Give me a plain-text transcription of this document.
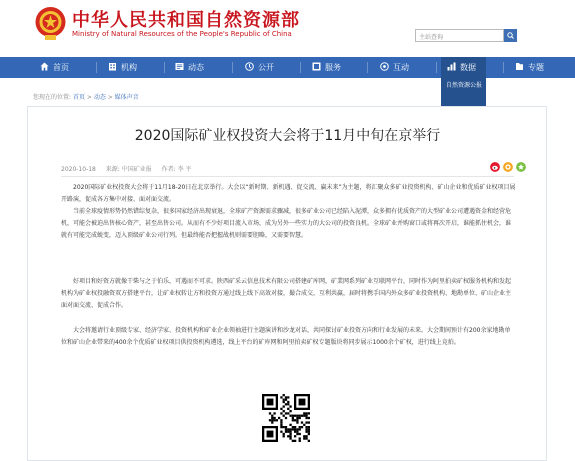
中华人民共和国自然资源部
Ministry of Natural Resources of the People's Republic of China	主站查询
首页	机构	动态	公开	服务	互动	数据	专题
自然资源公报
您现在的位置: 首页 > 动态 > 媒体声音
2020国际矿业权投资大会将于11月中旬在京举行
2020-10-18 来源: 中国矿业报 作者: 李 平

2020国际矿业权投资大会将于11月18-20日在北京举行。大会以“新时期、新机遇、促交流、赢未来”为主题，将汇聚众多矿业投资机构、矿山企业和优质矿业权项目展开路演，促成各方集中对接、面对面交流。

当前全球疫情形势仍然错综复杂，很多国家经济出现衰退，全球矿产资源需求骤减，很多矿业公司已经陷入泥潭，众多拥有优质资产的大型矿业公司遭遇资金和经营危机，可能会被迫出售核心资产，甚至出售公司。从而有不少好项目流入市场，成为另外一些实力的大公司的投资良机。全球矿业并购窗口或将再次开启，谁能抓住机会，谁就有可能完成蜕变，迈入顶级矿业公司行列。但最终能否把握战机则需要胆略，又需要智慧。

好项目和好资方就像干柴与之于伯乐，可遇而不可求。陕西矿采云信息技术有限公司搭建矿库网，矿業网系列矿业互联网平台，同时作为阿里拍卖矿权服务机构和发起机构为矿业权投融资双方搭建平台，让矿业权转让方和投资方通过线上线下高效对接，撮合成交，互利共赢，届时将携手国内外众多矿业投资机构、地勘单位、矿山企业主面对面交流、促成合作。

大会将邀请行业顶级专家、经济学家、投资机构和矿业企业领袖进行主题演讲和沙龙对话，共同探讨矿业投资方向和行业发展的未来。大会期间预计有200余家地勘单位和矿山企业带来的400余个优质矿业权项目供投资机构遴选，线上平台的矿库网和阿里拍卖矿权专题版块将同步展示1000余个矿权，进行线上竞拍。
